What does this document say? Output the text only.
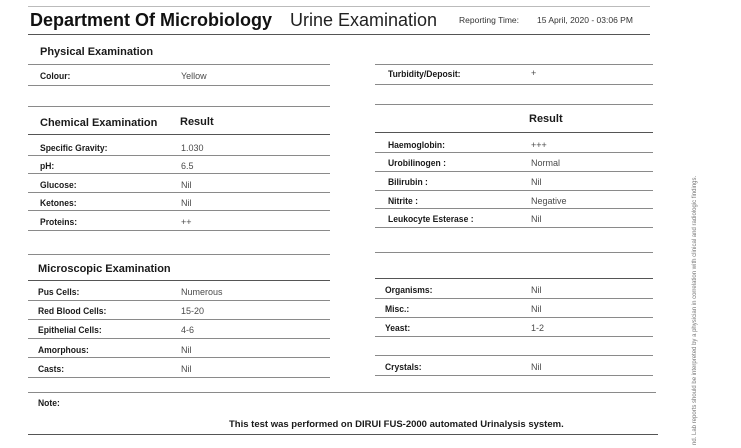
Department Of Microbiology Urine Examination	Reporting Time: 15 April, 2020 - 03:06 PM
Physical Examination
Colour:	Yellow	Turbidity/Deposit:	+
Chemical Examination Result	Result
Specific Gravity:	1.030
pH:	6.5
Glucose:	Nil
Ketones:	Nil
Proteins:	++
Haemoglobin:	+++
Urobilinogen :	Normal
Bilirubin :	Nil
Nitrite :	Negative
Leukocyte Esterase :	Nil
Microscopic Examination
Pus Cells:	Numerous
Red Blood Cells:	15-20
Epithelial Cells:	4-6
Amorphous:	Nil
Casts:	Nil
Organisms:	Nil
Misc.:	Nil
Yeast:	1-2
Crystals:	Nil
Note:
This test was performed on DIRUI FUS-2000 automated Urinalysis system.	nd. Lab reports should be interpreted by a physician in correlation with clinical and radiologic findings.
